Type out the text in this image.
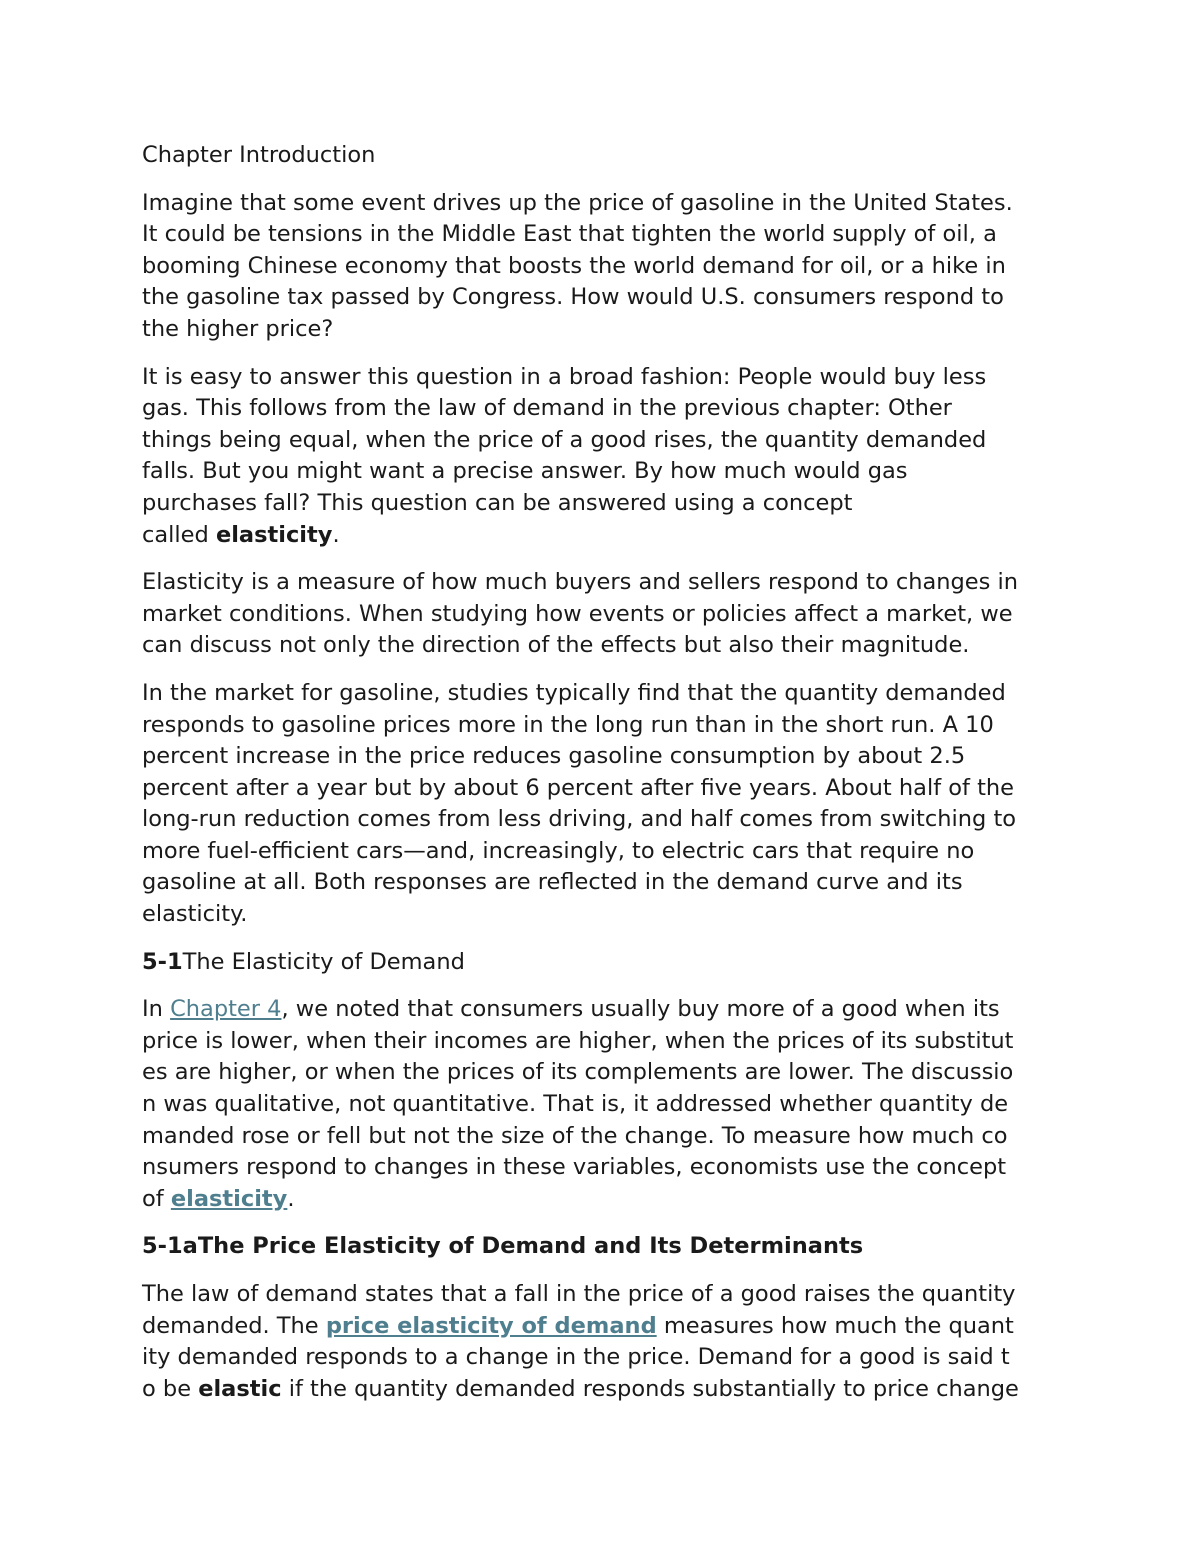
Chapter Introduction

Imagine that some event drives up the price of gasoline in the United States.
It could be tensions in the Middle East that tighten the world supply of oil, a
booming Chinese economy that boosts the world demand for oil, or a hike in
the gasoline tax passed by Congress. How would U.S. consumers respond to
the higher price?

It is easy to answer this question in a broad fashion: People would buy less
gas. This follows from the law of demand in the previous chapter: Other
things being equal, when the price of a good rises, the quantity demanded
falls. But you might want a precise answer. By how much would gas
purchases fall? This question can be answered using a concept
called elasticity.

Elasticity is a measure of how much buyers and sellers respond to changes in
market conditions. When studying how events or policies affect a market, we
can discuss not only the direction of the effects but also their magnitude.

In the market for gasoline, studies typically find that the quantity demanded
responds to gasoline prices more in the long run than in the short run. A 10
percent increase in the price reduces gasoline consumption by about 2.5
percent after a year but by about 6 percent after five years. About half of the
long-run reduction comes from less driving, and half comes from switching to
more fuel-efficient cars—and, increasingly, to electric cars that require no
gasoline at all. Both responses are reflected in the demand curve and its
elasticity.

5-1The Elasticity of Demand

In Chapter 4, we noted that consumers usually buy more of a good when its
price is lower, when their incomes are higher, when the prices of its substitut
es are higher, or when the prices of its complements are lower. The discussio
n was qualitative, not quantitative. That is, it addressed whether quantity de
manded rose or fell but not the size of the change. To measure how much co
nsumers respond to changes in these variables, economists use the concept
of elasticity.

5-1aThe Price Elasticity of Demand and Its Determinants

The law of demand states that a fall in the price of a good raises the quantity
demanded. The price elasticity of demand measures how much the quant
ity demanded responds to a change in the price. Demand for a good is said t
o be elastic if the quantity demanded responds substantially to price change
